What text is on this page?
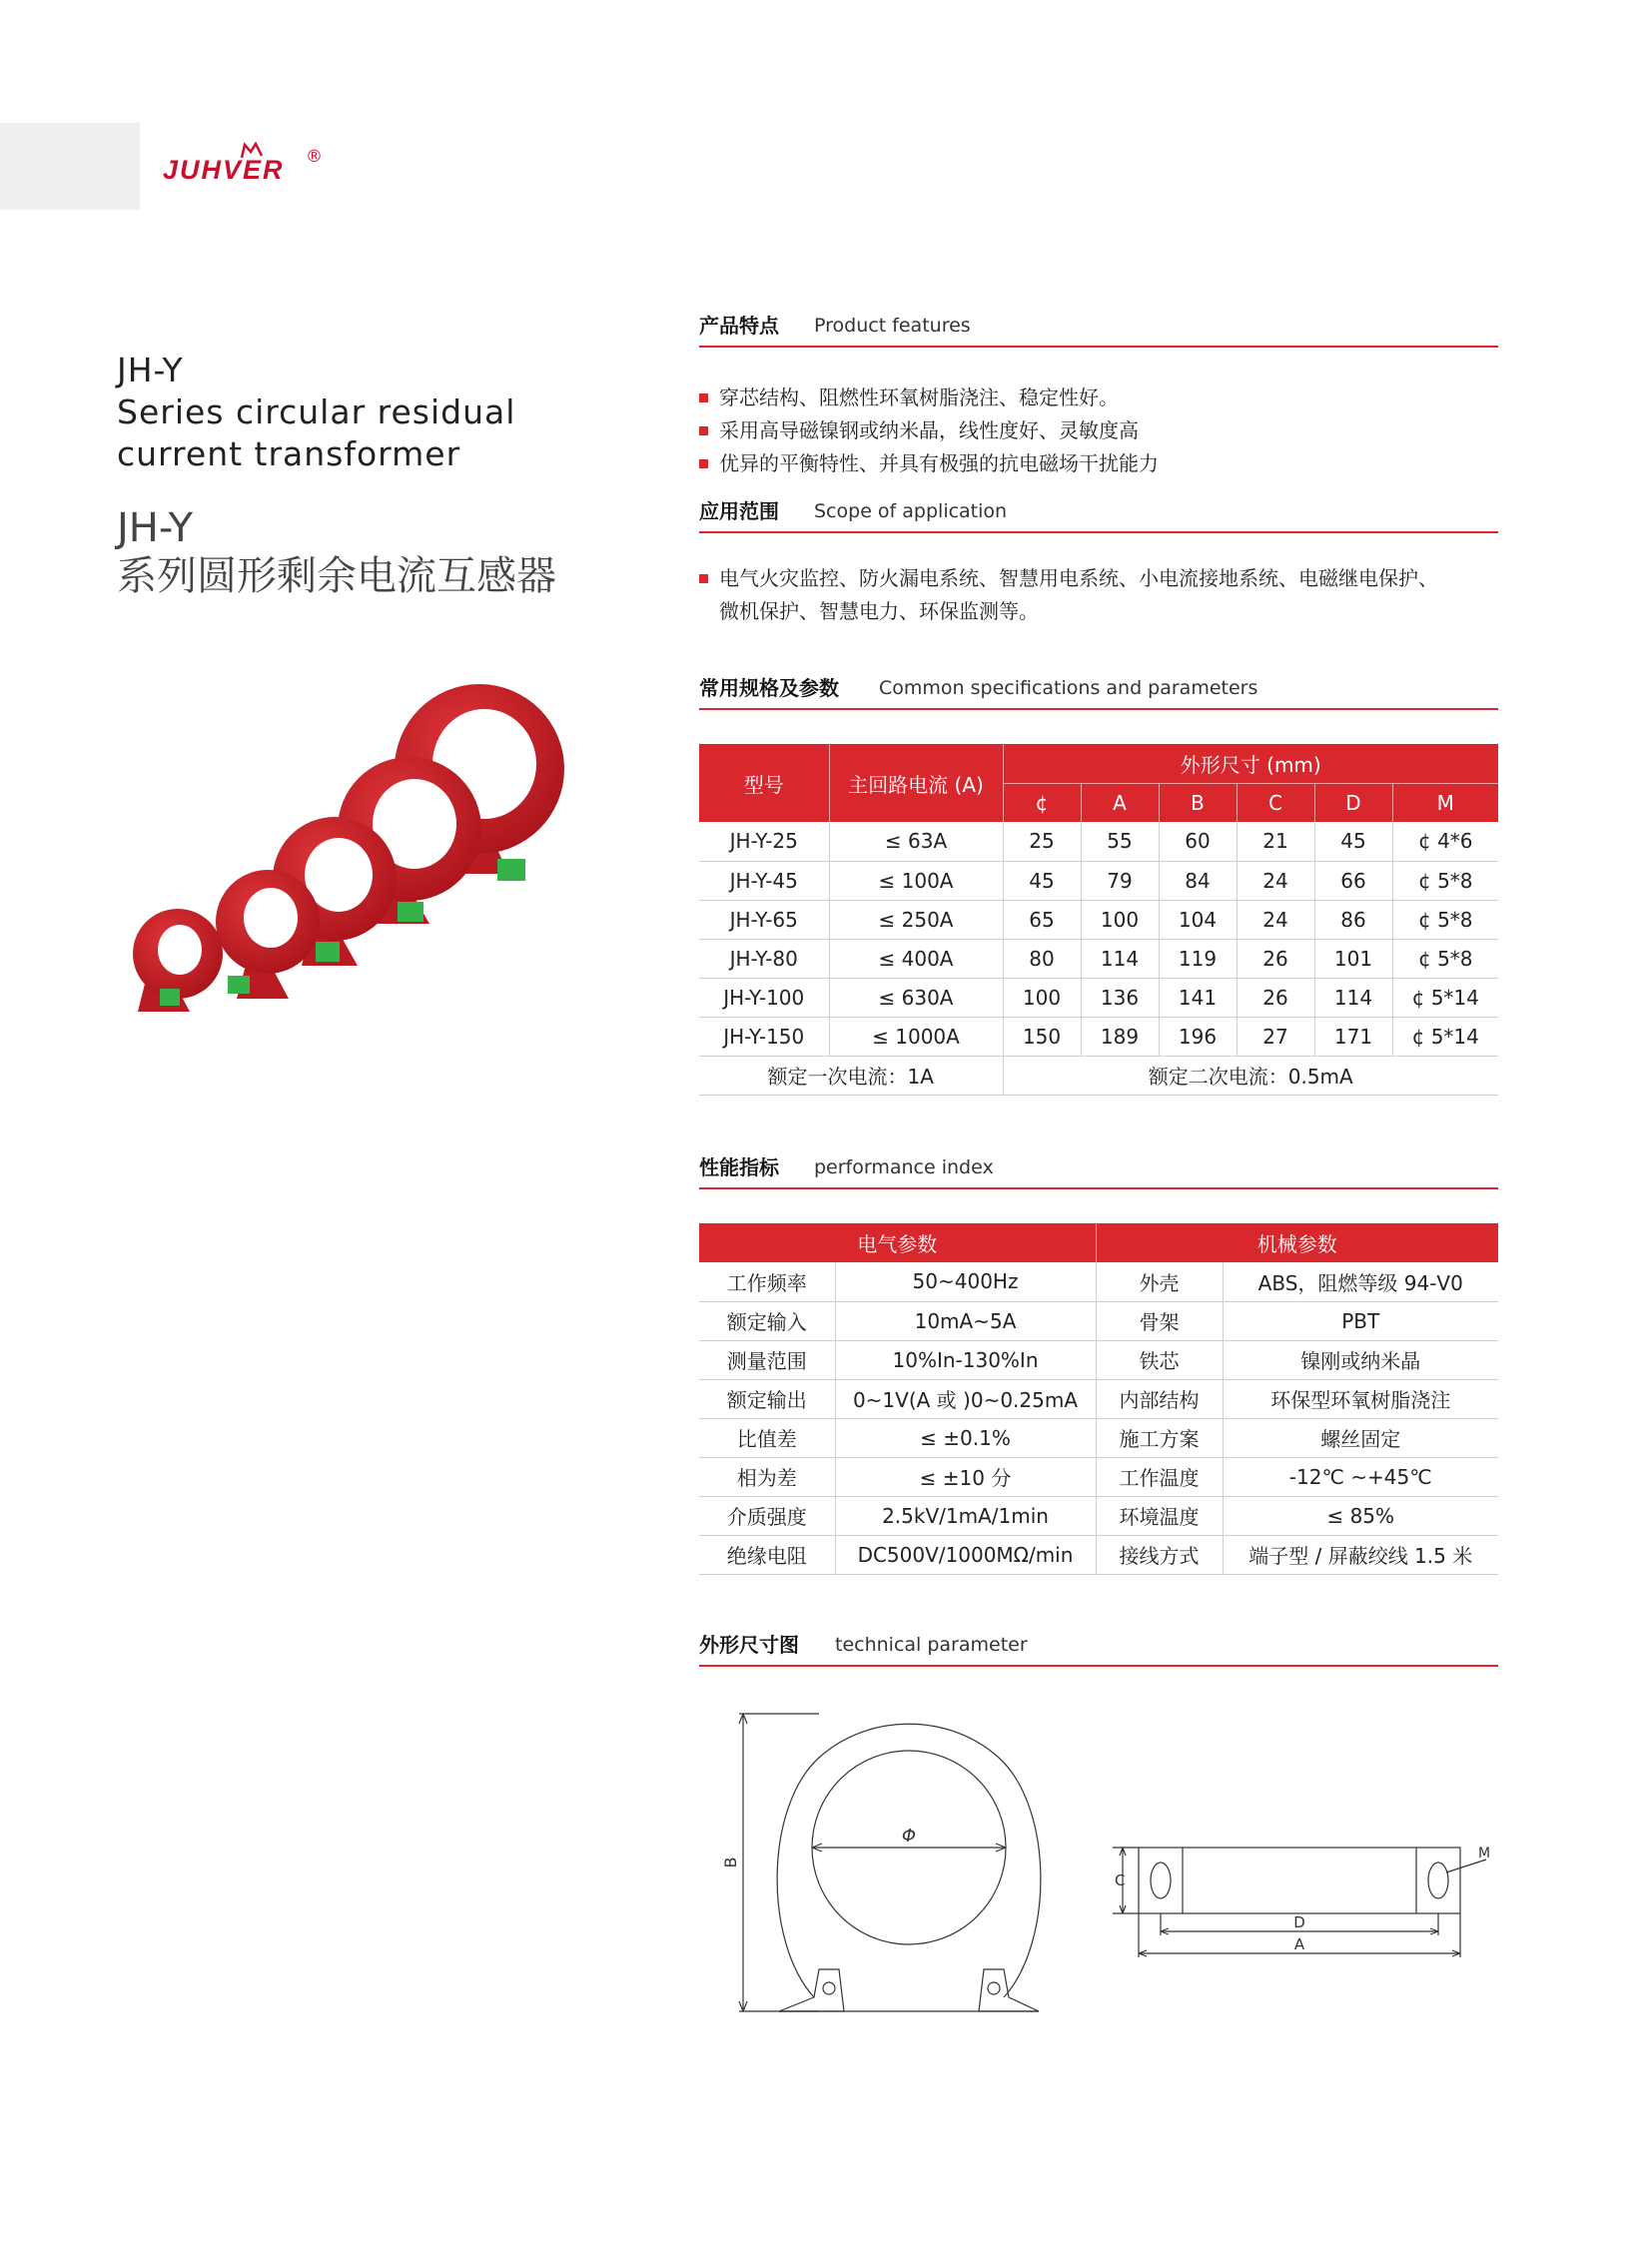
JUHVER ®
JH-Y
Series circular residual
current transformer
JH-Y
系列圆形剩余电流互感器
产品特点 Product features
穿芯结构、阻燃性环氧树脂浇注、稳定性好。
采用高导磁镍钢或纳米晶，线性度好、灵敏度高
优异的平衡特性、并具有极强的抗电磁场干扰能力
应用范围 Scope of application
电气火灾监控、防火漏电系统、智慧用电系统、小电流接地系统、电磁继电保护、
微机保护、智慧电力、环保监测等。
常用规格及参数 Common specifications and parameters
型号	主回路电流 (A)	外形尺寸 (mm)					
		¢	A	B	C	D	M
JH-Y-25	≤ 63A	25	55	60	21	45	¢ 4*6
JH-Y-45	≤ 100A	45	79	84	24	66	¢ 5*8
JH-Y-65	≤ 250A	65	100	104	24	86	¢ 5*8
JH-Y-80	≤ 400A	80	114	119	26	101	¢ 5*8
JH-Y-100	≤ 630A	100	136	141	26	114	¢ 5*14
JH-Y-150	≤ 1000A	150	189	196	27	171	¢ 5*14
额定一次电流：1A		额定二次电流：0.5mA					
性能指标 performance index
电气参数		机械参数	
工作频率	50~400Hz	外壳	ABS，阻燃等级 94-V0
额定输入	10mA~5A	骨架	PBT
测量范围	10%In-130%In	铁芯	镍刚或纳米晶
额定输出	0~1V(A 或 )0~0.25mA	内部结构	环保型环氧树脂浇注
比值差	≤ ±0.1%	施工方案	螺丝固定
相为差	≤ ±10 分	工作温度	-12℃ ~+45℃
介质强度	2.5kV/1mA/1min	环境温度	≤ 85%
绝缘电阻	DC500V/1000MΩ/min	接线方式	端子型 / 屏蔽绞线 1.5 米
外形尺寸图 technical parameter
Φ
B
C
D
A
M
